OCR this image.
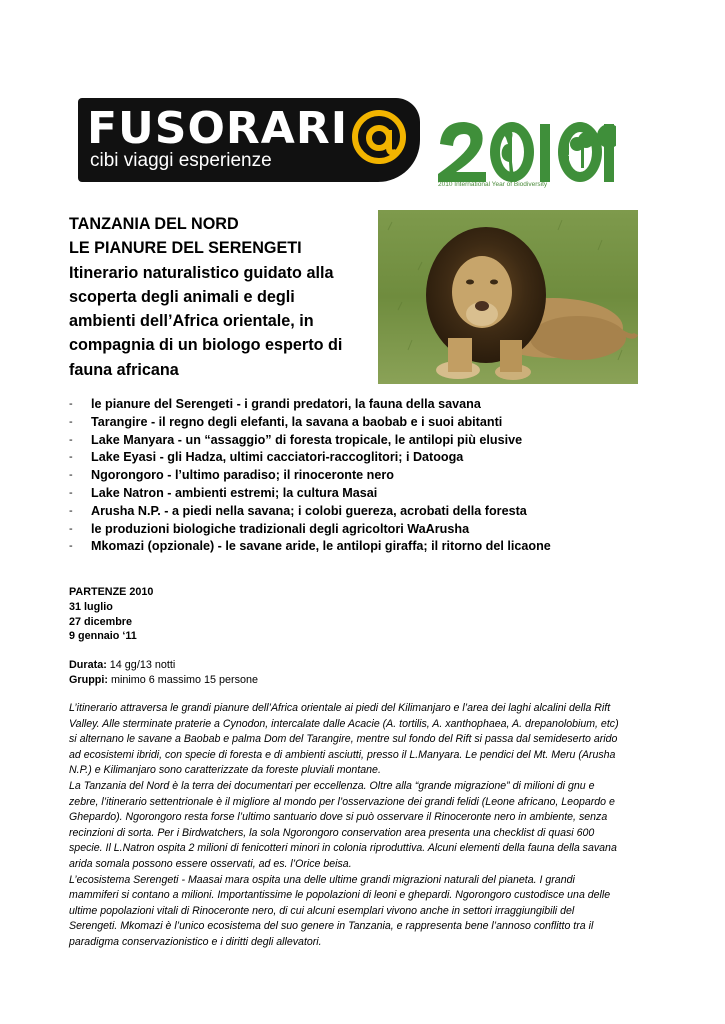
FUSORARI
cibi viaggi esperienze
2010 International Year of Biodiversity
TANZANIA DEL NORD
LE PIANURE DEL SERENGETI
Itinerario naturalistico guidato alla
scoperta degli animali e degli
ambienti dell’Africa orientale, in
compagnia di un biologo esperto di
fauna africana
- le pianure del Serengeti - i grandi predatori, la fauna della savana
- Tarangire - il regno degli elefanti, la savana a baobab e i suoi abitanti
- Lake Manyara - un “assaggio” di foresta tropicale, le antilopi più elusive
- Lake Eyasi - gli Hadza, ultimi cacciatori-raccoglitori; i Datooga
- Ngorongoro - l’ultimo paradiso; il rinoceronte nero
- Lake Natron - ambienti estremi; la cultura Masai
- Arusha N.P. - a piedi nella savana; i colobi guereza, acrobati della foresta
- le produzioni biologiche tradizionali degli agricoltori WaArusha
- Mkomazi (opzionale) - le savane aride, le antilopi giraffa; il ritorno del licaone
PARTENZE 2010
31 luglio
27 dicembre
9 gennaio ‘11
Durata: 14 gg/13 notti
Gruppi: minimo 6 massimo 15 persone
L’itinerario attraversa le grandi pianure dell’Africa orientale ai piedi del Kilimanjaro e l’area dei laghi alcalini della Rift
Valley. Alle sterminate praterie a Cynodon, intercalate dalle Acacie (A. tortilis, A. xanthophaea, A. drepanolobium, etc)
si alternano le savane a Baobab e palma Dom del Tarangire, mentre sul fondo del Rift si passa dal semideserto arido
ad ecosistemi ibridi, con specie di foresta e di ambienti asciutti, presso il L.Manyara. Le pendici del Mt. Meru (Arusha
N.P.) e Kilimanjaro sono caratterizzate da foreste pluviali montane.
La Tanzania del Nord è la terra dei documentari per eccellenza. Oltre alla “grande migrazione” di milioni di gnu e
zebre, l’itinerario settentrionale è il migliore al mondo per l’osservazione dei grandi felidi (Leone africano, Leopardo e
Ghepardo). Ngorongoro resta forse l’ultimo santuario dove si può osservare il Rinoceronte nero in ambiente, senza
recinzioni di sorta. Per i Birdwatchers, la sola Ngorongoro conservation area presenta una checklist di quasi 600
specie. Il L.Natron ospita 2 milioni di fenicotteri minori in colonia riproduttiva. Alcuni elementi della fauna della savana
arida somala possono essere osservati, ad es. l’Orice beisa.
L’ecosistema Serengeti - Maasai mara ospita una delle ultime grandi migrazioni naturali del pianeta. I grandi
mammiferi si contano a milioni. Importantissime le popolazioni di leoni e ghepardi. Ngorongoro custodisce una delle
ultime popolazioni vitali di Rinoceronte nero, di cui alcuni esemplari vivono anche in settori irraggiungibili del
Serengeti. Mkomazi è l’unico ecosistema del suo genere in Tanzania, e rappresenta bene l’annoso conflitto tra il
paradigma conservazionistico e i diritti degli allevatori.
